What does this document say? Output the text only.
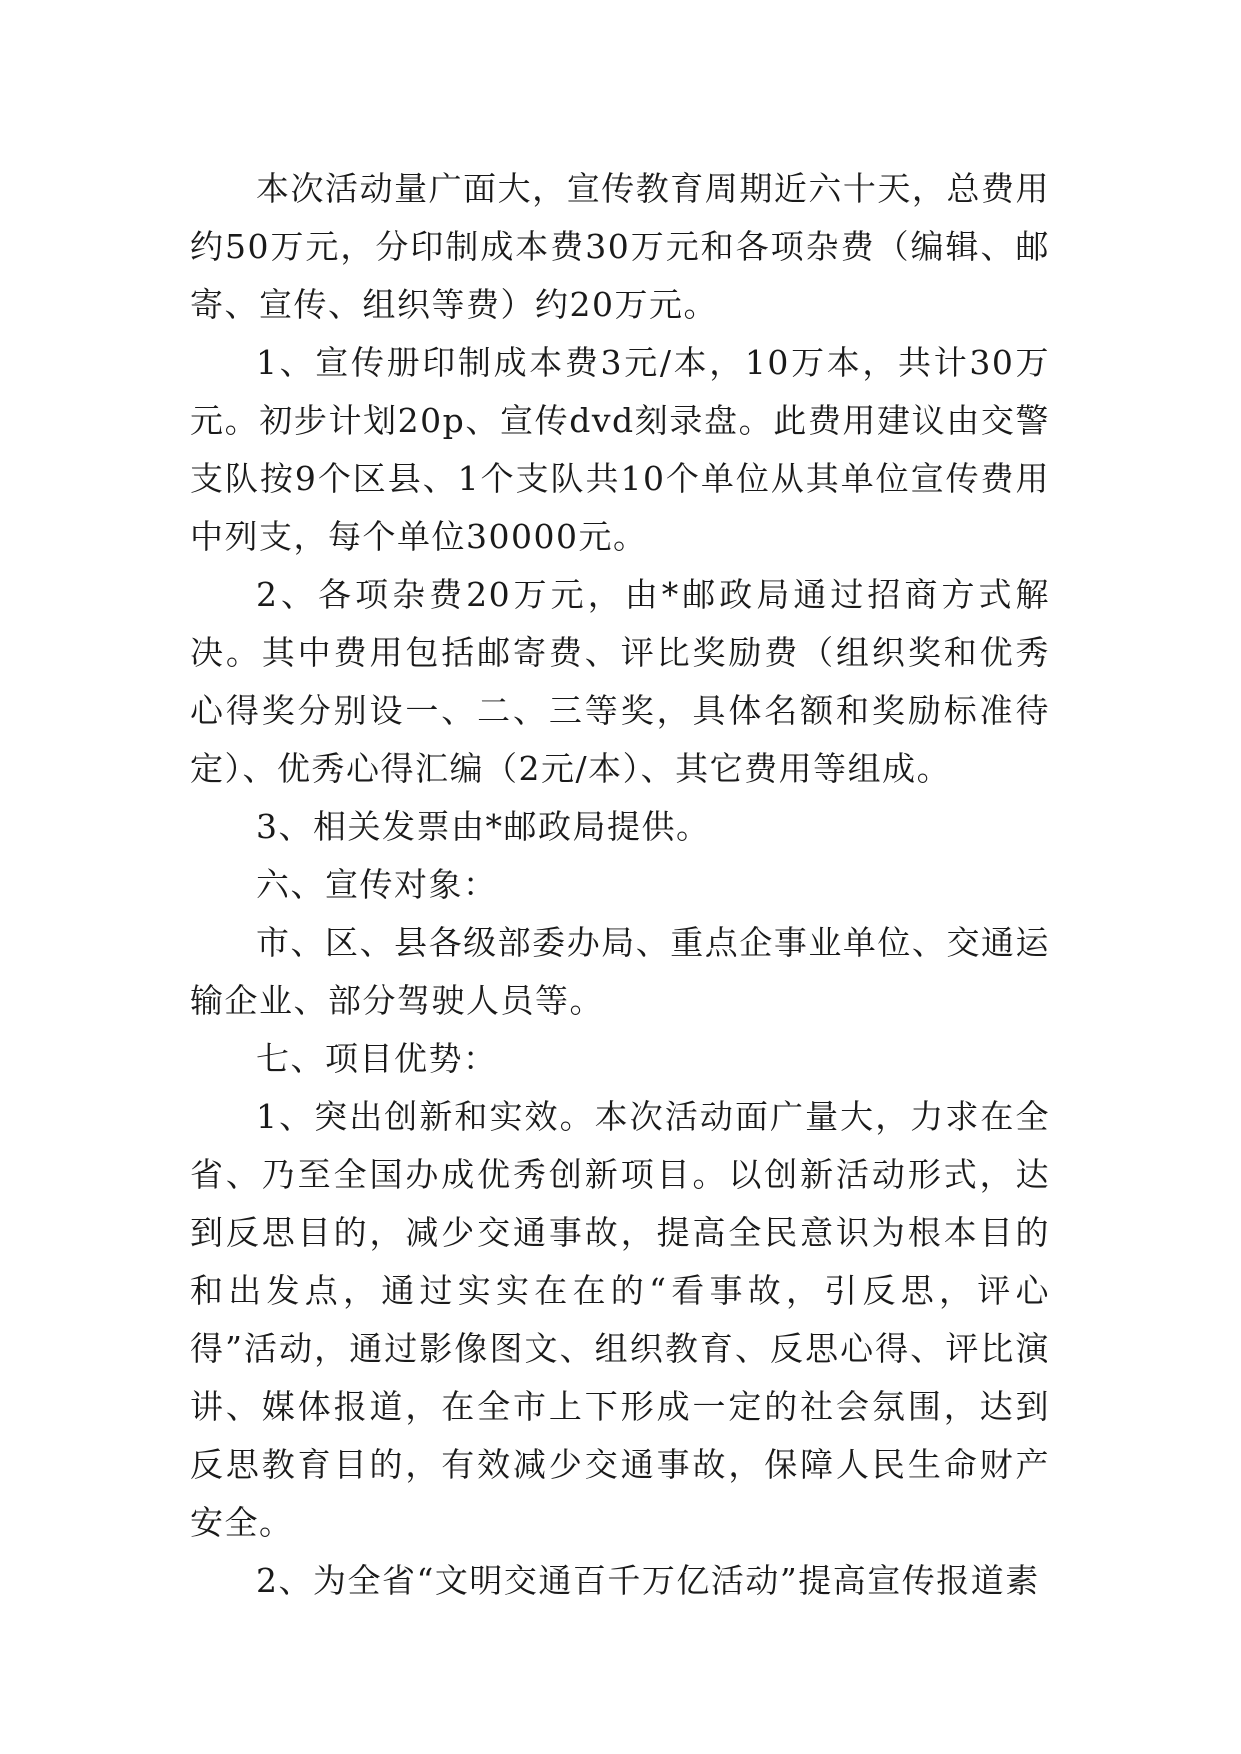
本次活动量广面大，宣传教育周期近六十天，总费用约50万元，分印制成本费30万元和各项杂费（编辑、邮寄、宣传、组织等费）约20万元。

1、宣传册印制成本费3元/本，10万本，共计30万元。初步计划20p、宣传dvd刻录盘。此费用建议由交警支队按9个区县、1个支队共10个单位从其单位宣传费用中列支，每个单位30000元。

2、各项杂费20万元，由*邮政局通过招商方式解决。其中费用包括邮寄费、评比奖励费（组织奖和优秀心得奖分别设一、二、三等奖，具体名额和奖励标准待定）、优秀心得汇编（2元/本）、其它费用等组成。

3、相关发票由*邮政局提供。

六、宣传对象：

市、区、县各级部委办局、重点企事业单位、交通运输企业、部分驾驶人员等。

七、项目优势：

1、突出创新和实效。本次活动面广量大，力求在全省、乃至全国办成优秀创新项目。以创新活动形式，达到反思目的，减少交通事故，提高全民意识为根本目的和出发点，通过实实在在的“看事故，引反思，评心得”活动，通过影像图文、组织教育、反思心得、评比演讲、媒体报道，在全市上下形成一定的社会氛围，达到反思教育目的，有效减少交通事故，保障人民生命财产安全。

2、为全省“文明交通百千万亿活动”提高宣传报道素
